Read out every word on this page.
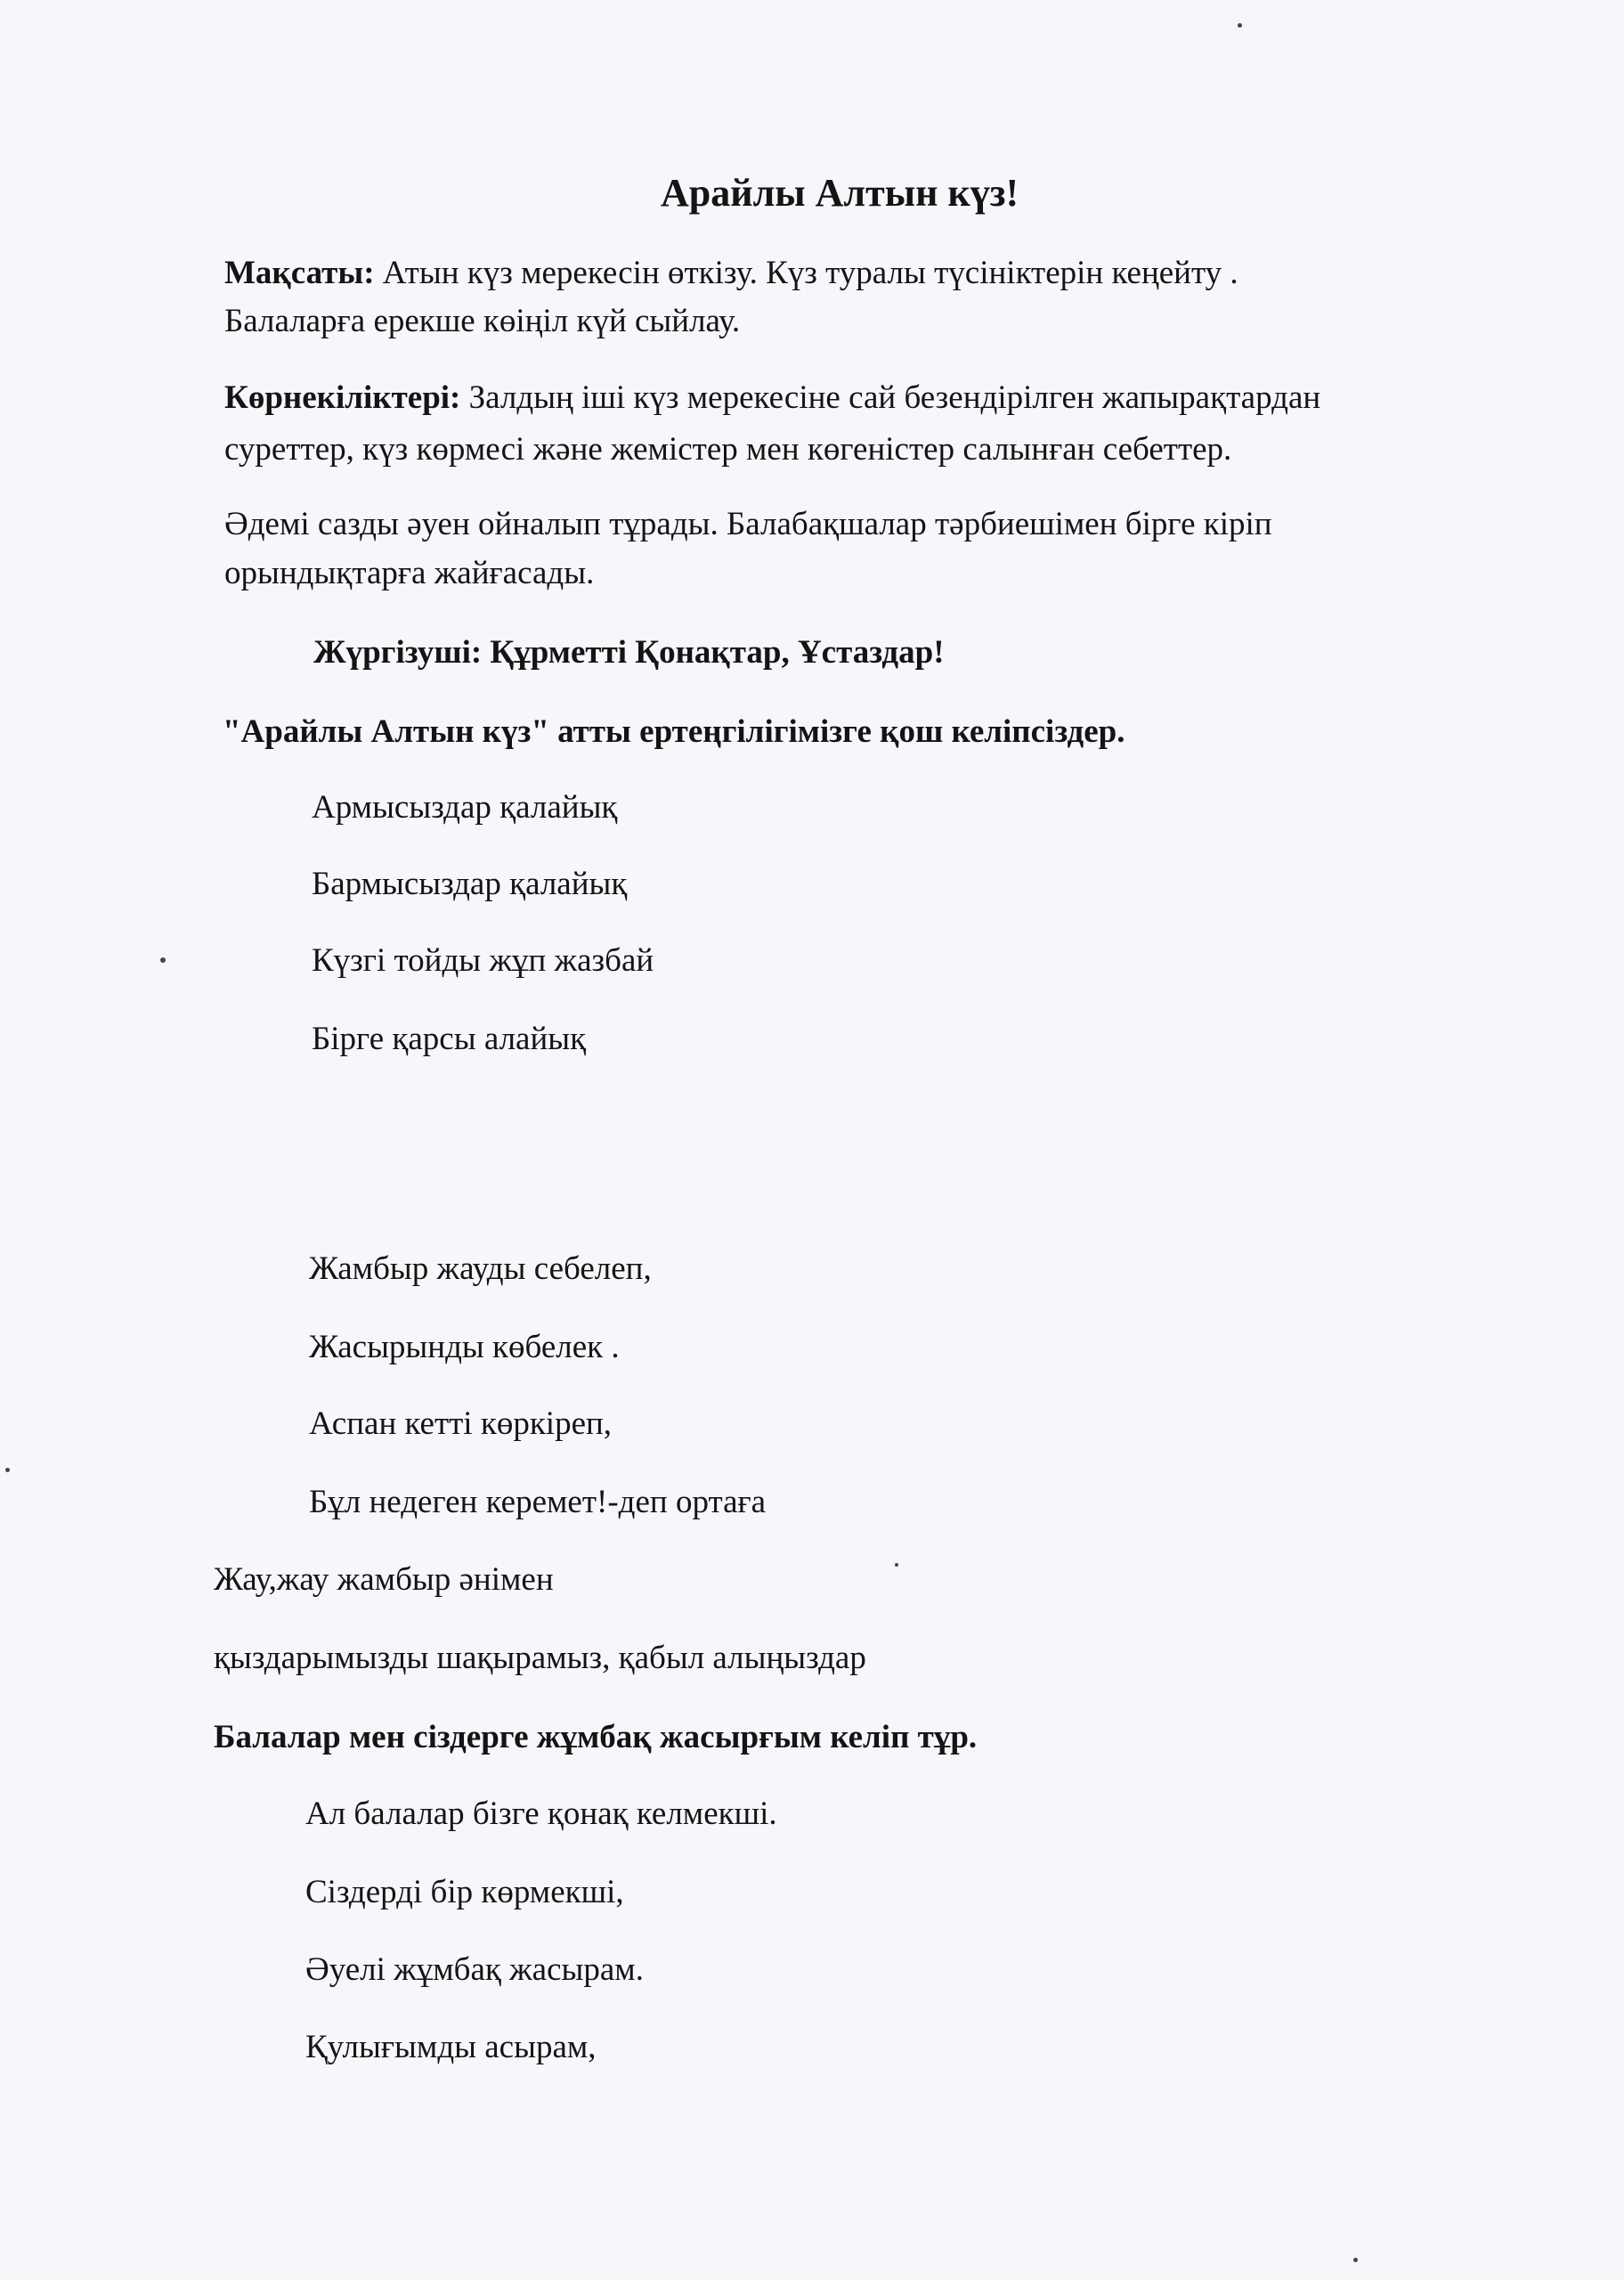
Арайлы Алтын күз!

Мақсаты: Атын күз мерекесін өткізу. Күз туралы түсініктерін кеңейту .

Балаларға ерекше көіңіл күй сыйлау.

Көрнекіліктері: Залдың іші күз мерекесіне сай безендірілген жапырақтардан

суреттер, күз көрмесі және жемістер мен көгеністер салынған себеттер.

Әдемі сазды әуен ойналып тұрады. Балабақшалар тәрбиешімен бірге кіріп

орындықтарға жайғасады.

Жүргізуші: Құрметті Қонақтар, Ұстаздар!

"Арайлы Алтын күз" атты ертеңгілігімізге қош келіпсіздер.

Армысыздар қалайық

Бармысыздар қалайық

Күзгі тойды жұп жазбай

Бірге қарсы алайық

Жамбыр жауды себелеп,

Жасырынды көбелек .

Аспан кетті көркіреп,

Бұл недеген керемет!-деп ортаға

Жау,жау жамбыр әнімен

қыздарымызды шақырамыз, қабыл алыңыздар

Балалар мен сіздерге жұмбақ жасырғым келіп тұр.

Ал балалар бізге қонақ келмекші.

Сіздерді бір көрмекші,

Әуелі жұмбақ жасырам.

Қулығымды асырам,
